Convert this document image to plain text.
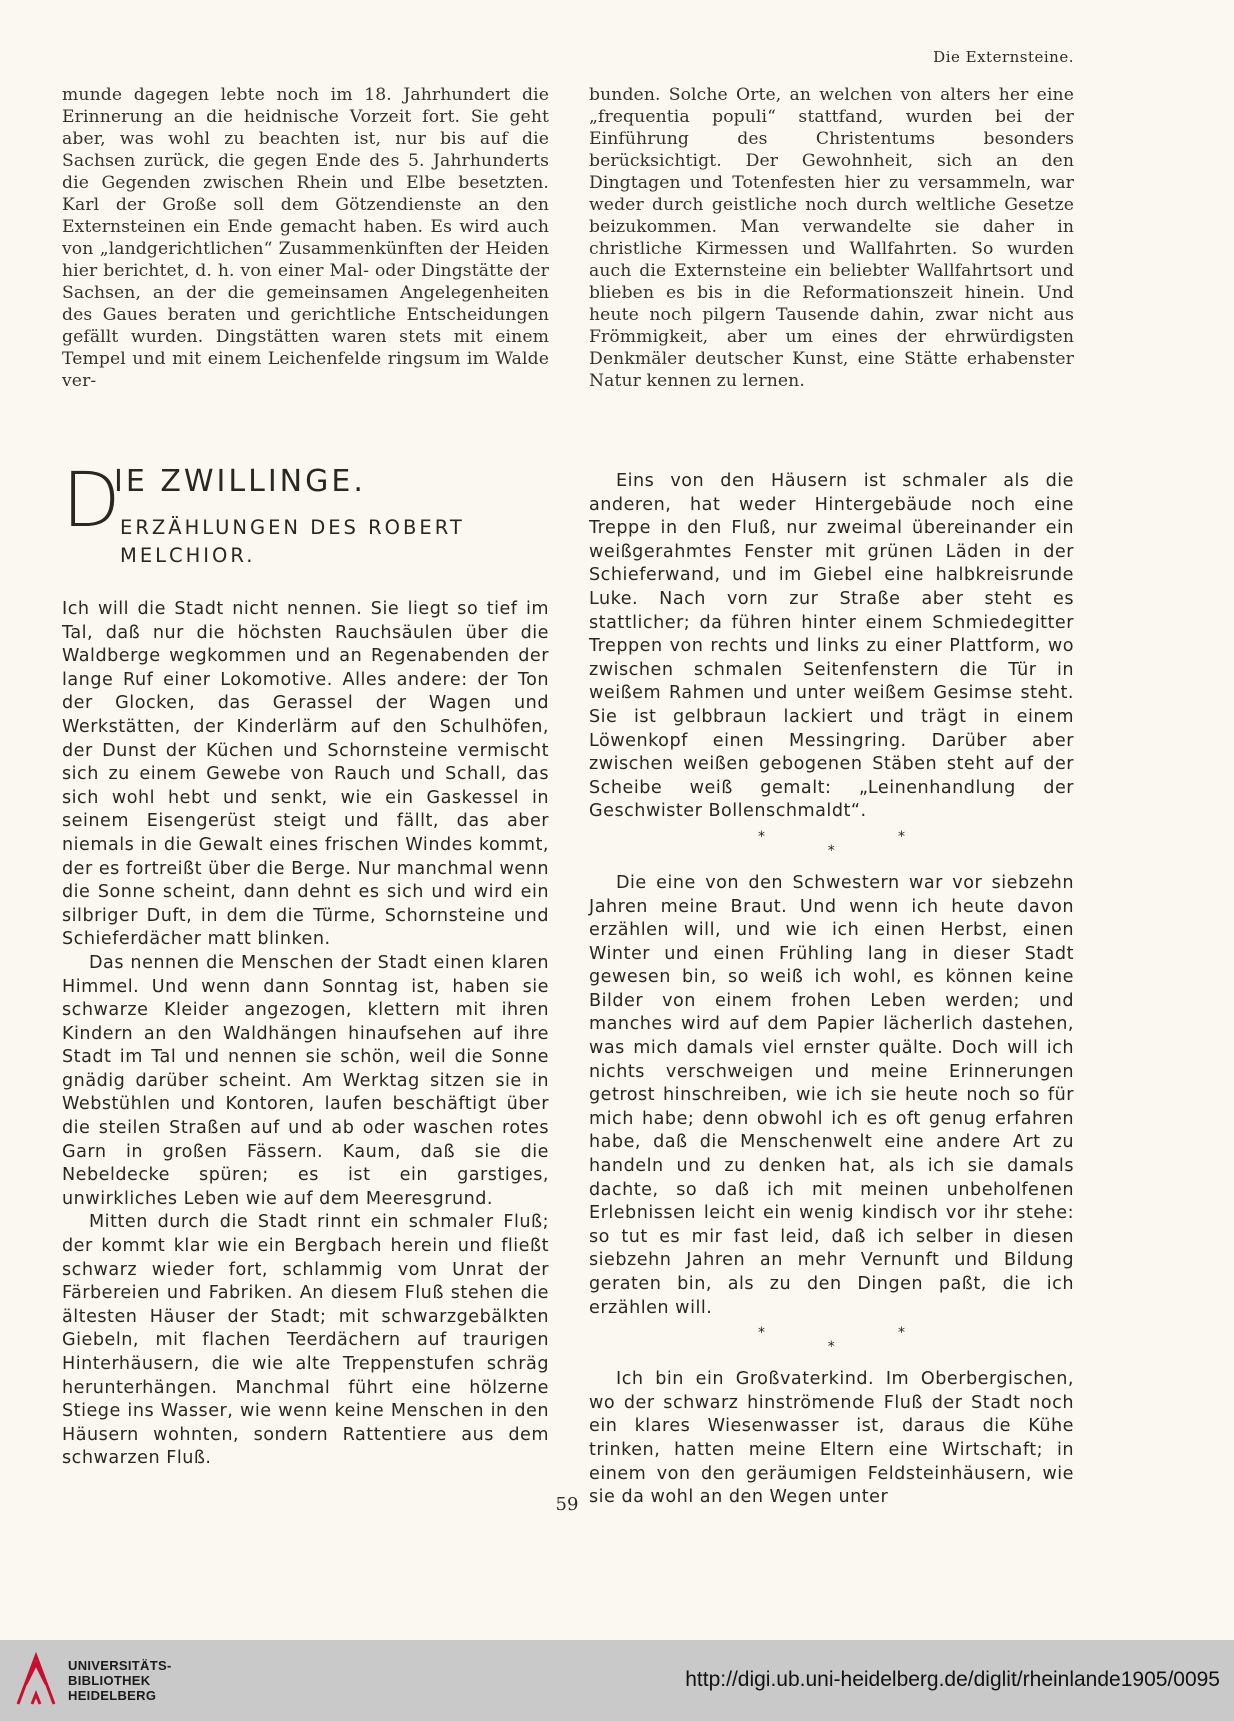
Die Externsteine.

munde dagegen lebte noch im 18. Jahrhundert die Erinnerung an die heidnische Vorzeit fort. Sie geht aber, was wohl zu beachten ist, nur bis auf die Sachsen zurück, die gegen Ende des 5. Jahrhunderts die Gegenden zwischen Rhein und Elbe besetzten. Karl der Große soll dem Götzendienste an den Externsteinen ein Ende gemacht haben. Es wird auch von „landgerichtlichen“ Zusammenkünften der Heiden hier berichtet, d. h. von einer Mal- oder Dingstätte der Sachsen, an der die gemeinsamen Angelegenheiten des Gaues beraten und gerichtliche Entscheidungen gefällt wurden. Dingstätten waren stets mit einem Tempel und mit einem Leichenfelde ringsum im Walde ver-

bunden. Solche Orte, an welchen von alters her eine „frequentia populi“ stattfand, wurden bei der Einführung des Christentums besonders berücksichtigt. Der Gewohnheit, sich an den Dingtagen und Totenfesten hier zu versammeln, war weder durch geistliche noch durch weltliche Gesetze beizukommen. Man verwandelte sie daher in christliche Kirmessen und Wallfahrten. So wurden auch die Externsteine ein beliebter Wallfahrtsort und blieben es bis in die Reformationszeit hinein. Und heute noch pilgern Tausende dahin, zwar nicht aus Frömmigkeit, aber um eines der ehrwürdigsten Denkmäler deutscher Kunst, eine Stätte erhabenster Natur kennen zu lernen.

D
IE ZWILLINGE.
ERZÄHLUNGEN DES ROBERT MELCHIOR.

Ich will die Stadt nicht nennen. Sie liegt so tief im Tal, daß nur die höchsten Rauchsäulen über die Waldberge wegkommen und an Regenabenden der lange Ruf einer Lokomotive. Alles andere: der Ton der Glocken, das Gerassel der Wagen und Werkstätten, der Kinderlärm auf den Schulhöfen, der Dunst der Küchen und Schornsteine vermischt sich zu einem Gewebe von Rauch und Schall, das sich wohl hebt und senkt, wie ein Gaskessel in seinem Eisengerüst steigt und fällt, das aber niemals in die Gewalt eines frischen Windes kommt, der es fortreißt über die Berge. Nur manchmal wenn die Sonne scheint, dann dehnt es sich und wird ein silbriger Duft, in dem die Türme, Schornsteine und Schieferdächer matt blinken.

Das nennen die Menschen der Stadt einen klaren Himmel. Und wenn dann Sonntag ist, haben sie schwarze Kleider angezogen, klettern mit ihren Kindern an den Waldhängen hinaufsehen auf ihre Stadt im Tal und nennen sie schön, weil die Sonne gnädig darüber scheint. Am Werktag sitzen sie in Webstühlen und Kontoren, laufen beschäftigt über die steilen Straßen auf und ab oder waschen rotes Garn in großen Fässern. Kaum, daß sie die Nebeldecke spüren; es ist ein garstiges, unwirkliches Leben wie auf dem Meeresgrund.

Mitten durch die Stadt rinnt ein schmaler Fluß; der kommt klar wie ein Bergbach herein und fließt schwarz wieder fort, schlammig vom Unrat der Färbereien und Fabriken. An diesem Fluß stehen die ältesten Häuser der Stadt; mit schwarzgebälkten Giebeln, mit flachen Teerdächern auf traurigen Hinterhäusern, die wie alte Treppenstufen schräg herunterhängen. Manchmal führt eine hölzerne Stiege ins Wasser, wie wenn keine Menschen in den Häusern wohnten, sondern Rattentiere aus dem schwarzen Fluß.

Eins von den Häusern ist schmaler als die anderen, hat weder Hintergebäude noch eine Treppe in den Fluß, nur zweimal übereinander ein weißgerahmtes Fenster mit grünen Läden in der Schieferwand, und im Giebel eine halbkreisrunde Luke. Nach vorn zur Straße aber steht es stattlicher; da führen hinter einem Schmiedegitter Treppen von rechts und links zu einer Plattform, wo zwischen schmalen Seitenfenstern die Tür in weißem Rahmen und unter weißem Gesimse steht. Sie ist gelbbraun lackiert und trägt in einem Löwenkopf einen Messingring. Darüber aber zwischen weißen gebogenen Stäben steht auf der Scheibe weiß gemalt: „Leinenhandlung der Geschwister Bollenschmaldt“.

*	*
*

Die eine von den Schwestern war vor siebzehn Jahren meine Braut. Und wenn ich heute davon erzählen will, und wie ich einen Herbst, einen Winter und einen Frühling lang in dieser Stadt gewesen bin, so weiß ich wohl, es können keine Bilder von einem frohen Leben werden; und manches wird auf dem Papier lächerlich dastehen, was mich damals viel ernster quälte. Doch will ich nichts verschweigen und meine Erinnerungen getrost hinschreiben, wie ich sie heute noch so für mich habe; denn obwohl ich es oft genug erfahren habe, daß die Menschenwelt eine andere Art zu handeln und zu denken hat, als ich sie damals dachte, so daß ich mit meinen unbeholfenen Erlebnissen leicht ein wenig kindisch vor ihr stehe: so tut es mir fast leid, daß ich selber in diesen siebzehn Jahren an mehr Vernunft und Bildung geraten bin, als zu den Dingen paßt, die ich erzählen will.

*	*
*

Ich bin ein Großvaterkind. Im Oberbergischen, wo der schwarz hinströmende Fluß der Stadt noch ein klares Wiesenwasser ist, daraus die Kühe trinken, hatten meine Eltern eine Wirtschaft; in einem von den geräumigen Feldsteinhäusern, wie sie da wohl an den Wegen unter

59
UNIVERSITÄTS-
BIBLIOTHEK
HEIDELBERG
http://digi.ub.uni-heidelberg.de/diglit/rheinlande1905/0095
